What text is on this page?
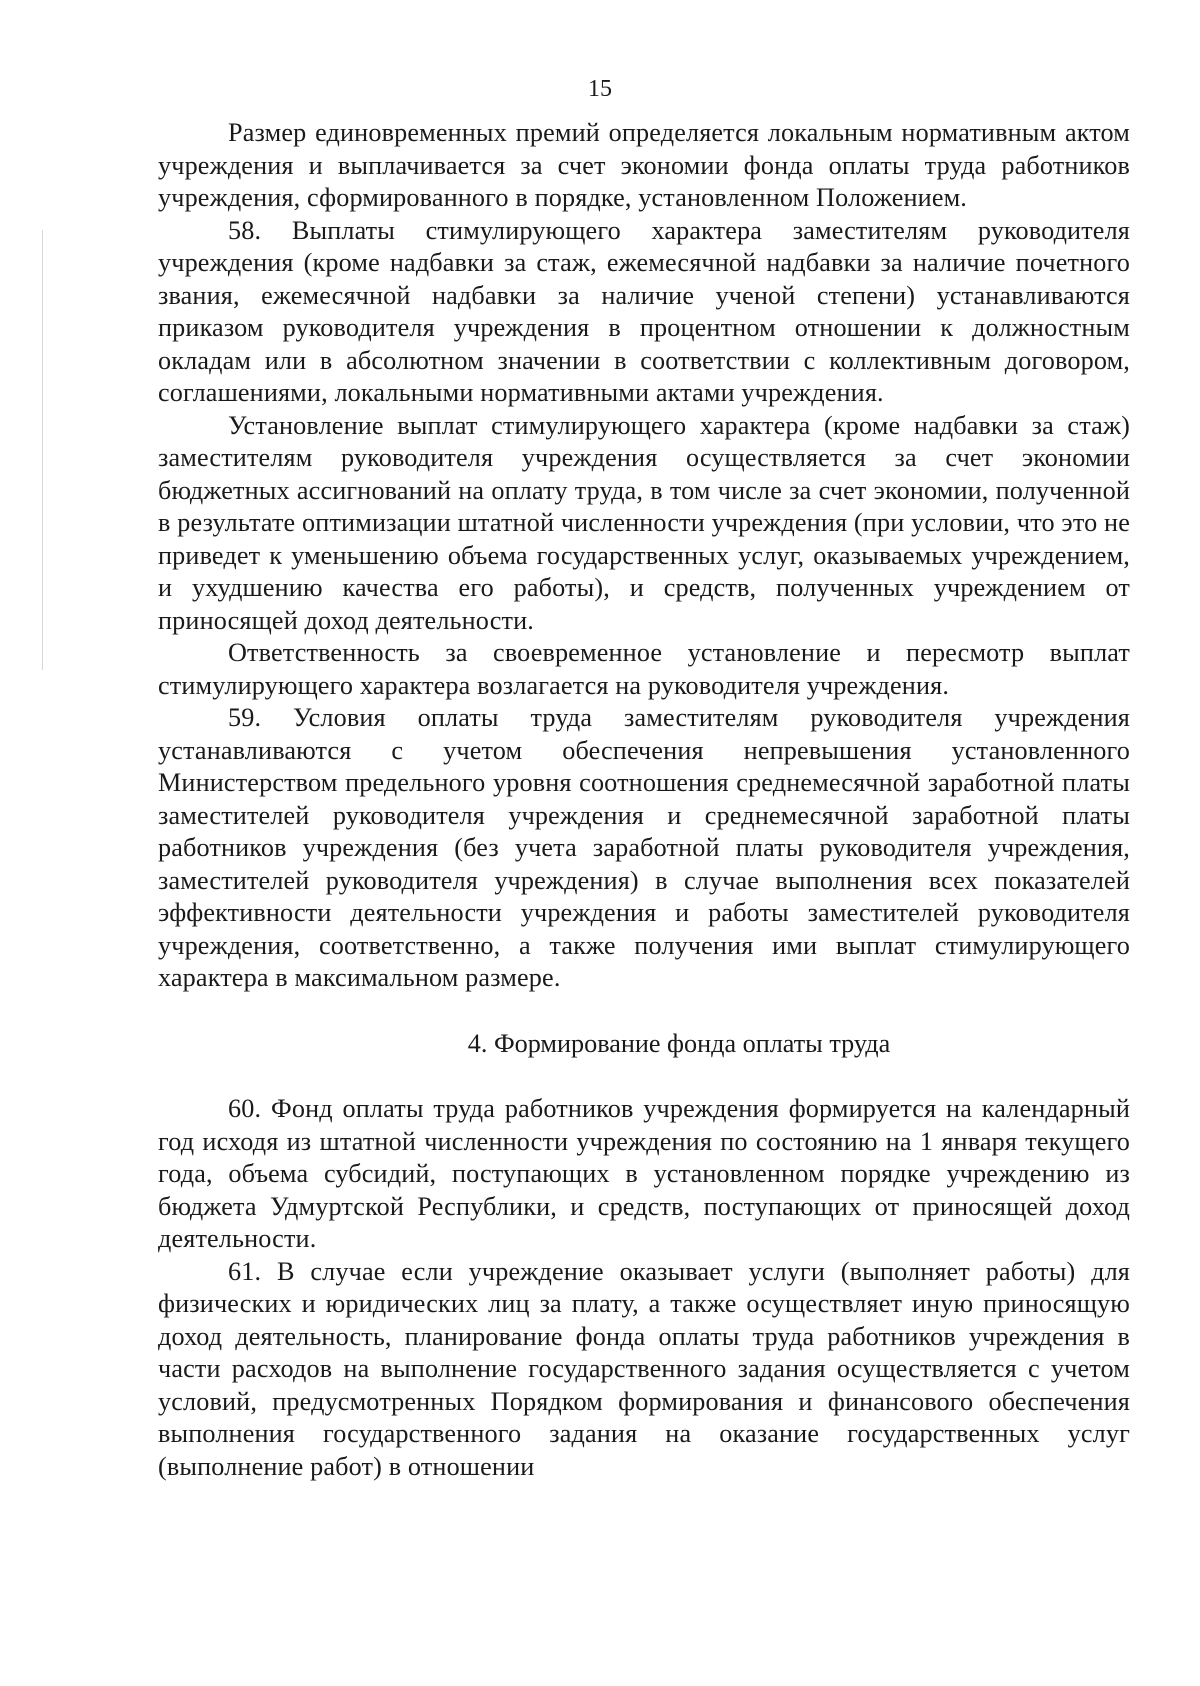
15

Размер единовременных премий определяется локальным нормативным актом учреждения и выплачивается за счет экономии фонда оплаты труда работников учреждения, сформированного в порядке, установленном Положением.

58. Выплаты стимулирующего характера заместителям руководителя учреждения (кроме надбавки за стаж, ежемесячной надбавки за наличие почетного звания, ежемесячной надбавки за наличие ученой степени) устанавливаются приказом руководителя учреждения в процентном отношении к должностным окладам или в абсолютном значении в соответствии с коллективным договором, соглашениями, локальными нормативными актами учреждения.

Установление выплат стимулирующего характера (кроме надбавки за стаж) заместителям руководителя учреждения осуществляется за счет экономии бюджетных ассигнований на оплату труда, в том числе за счет экономии, полученной в результате оптимизации штатной численности учреждения (при условии, что это не приведет к уменьшению объема государственных услуг, оказываемых учреждением, и ухудшению качества его работы), и средств, полученных учреждением от приносящей доход деятельности.

Ответственность за своевременное установление и пересмотр выплат стимулирующего характера возлагается на руководителя учреждения.

59. Условия оплаты труда заместителям руководителя учреждения устанавливаются с учетом обеспечения непревышения установленного Министерством предельного уровня соотношения среднемесячной заработной платы заместителей руководителя учреждения и среднемесячной заработной платы работников учреждения (без учета заработной платы руководителя учреждения, заместителей руководителя учреждения) в случае выполнения всех показателей эффективности деятельности учреждения и работы заместителей руководителя учреждения, соответственно, а также получения ими выплат стимулирующего характера в максимальном размере.

4. Формирование фонда оплаты труда

60. Фонд оплаты труда работников учреждения формируется на календарный год исходя из штатной численности учреждения по состоянию на 1 января текущего года, объема субсидий, поступающих в установленном порядке учреждению из бюджета Удмуртской Республики, и средств, поступающих от приносящей доход деятельности.

61. В случае если учреждение оказывает услуги (выполняет работы) для физических и юридических лиц за плату, а также осуществляет иную приносящую доход деятельность, планирование фонда оплаты труда работников учреждения в части расходов на выполнение государственного задания осуществляется с учетом условий, предусмотренных Порядком формирования и финансового обеспечения выполнения государственного задания на оказание государственных услуг (выполнение работ) в отношении
